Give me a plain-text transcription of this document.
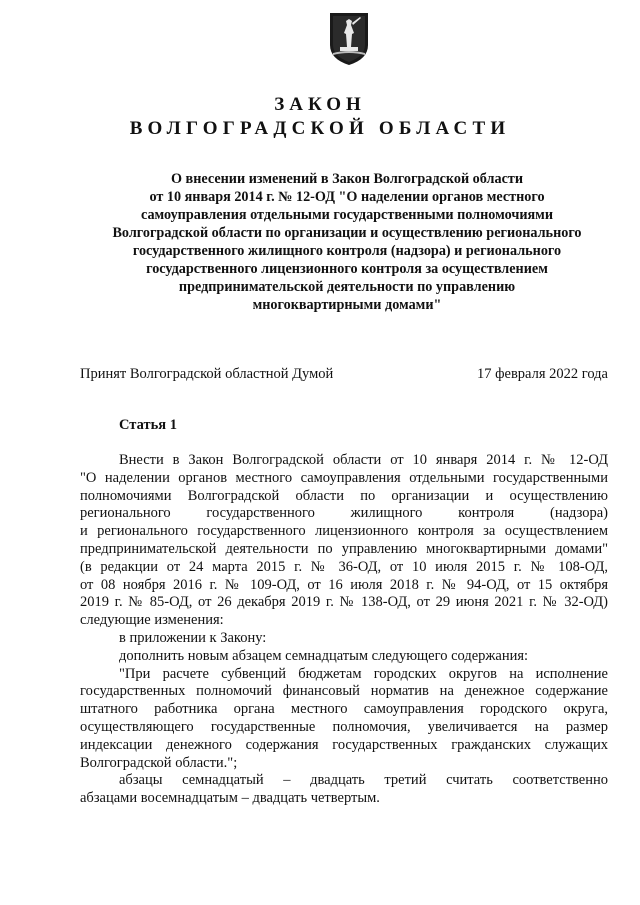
ЗАКОН
ВОЛГОГРАДСКОЙ ОБЛАСТИ
О внесении изменений в Закон Волгоградской области
от 10 января 2014 г. № 12-ОД "О наделении органов местного
самоуправления отдельными государственными полномочиями
Волгоградской области по организации и осуществлению регионального
государственного жилищного контроля (надзора) и регионального
государственного лицензионного контроля за осуществлением
предпринимательской деятельности по управлению
многоквартирными домами"
Принят Волгоградской областной Думой	17 февраля 2022 года
Статья 1
Внести в Закон Волгоградской области от 10 января 2014 г. № 12-ОД
"О наделении органов местного самоуправления отдельными государственными
полномочиями Волгоградской области по организации и осуществлению
регионального государственного жилищного контроля (надзора)
и регионального государственного лицензионного контроля за осуществлением
предпринимательской деятельности по управлению многоквартирными домами"
(в редакции от 24 марта 2015 г. № 36-ОД, от 10 июля 2015 г. № 108-ОД,
от 08 ноября 2016 г. № 109-ОД, от 16 июля 2018 г. № 94-ОД, от 15 октября
2019 г. № 85-ОД, от 26 декабря 2019 г. № 138-ОД, от 29 июня 2021 г. № 32-ОД)
следующие изменения:
в приложении к Закону:
дополнить новым абзацем семнадцатым следующего содержания:
"При расчете субвенций бюджетам городских округов на исполнение
государственных полномочий финансовый норматив на денежное содержание
штатного работника органа местного самоуправления городского округа,
осуществляющего государственные полномочия, увеличивается на размер
индексации денежного содержания государственных гражданских служащих
Волгоградской области.";
абзацы семнадцатый – двадцать третий считать соответственно
абзацами восемнадцатым – двадцать четвертым.
